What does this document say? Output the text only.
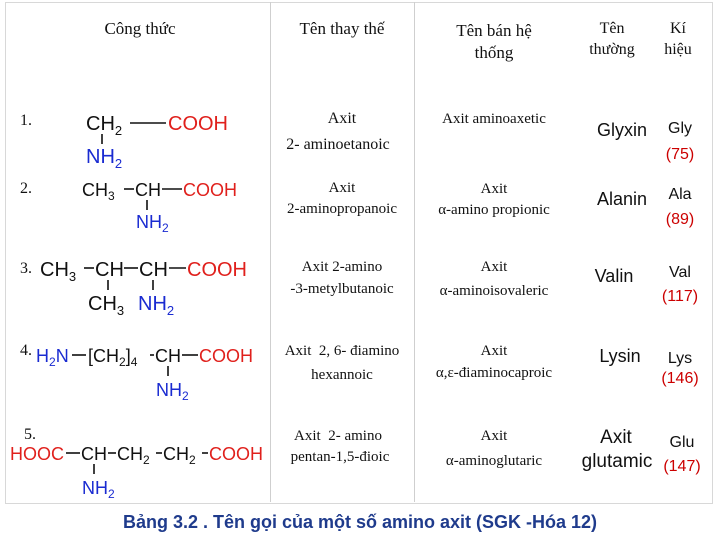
Công thức	Tên thay thế	Tên bán hệ
thống
Tên
thường
Kí
hiệu
1.
2.
3.
4.
5.
$CH_2$ COOH
$NH_2$
$CH_3$ CH COOH
$NH_2$
$CH_3$ CH CH COOH
$CH_3$ $NH_2$
$H_2N$ $[CH_2]_4$ CH COOH
$NH_2$
HOOC CH $CH_2$ $CH_2$ COOH
$NH_2$
Axit
2- aminoetanoic
Axit
2-aminopropanoic
Axit 2-amino
-3-metylbutanoic
Axit  2, 6- điamino
hexannoic
Axit  2- amino
pentan-1,5-đioic
Axit aminoaxetic
Axit
α-amino propionic
Axit
α-aminoisovaleric
Axit
α,ε-điaminocaproic
Axit
α-aminoglutaric
Glyxin
Alanin
Valin
Lysin
Axit
glutamic
Gly
(75)
Ala
(89)
Val
(117)
Lys
(146)
Glu
(147)
Bảng 3.2 . Tên gọi của một số amino axit (SGK -Hóa 12)
